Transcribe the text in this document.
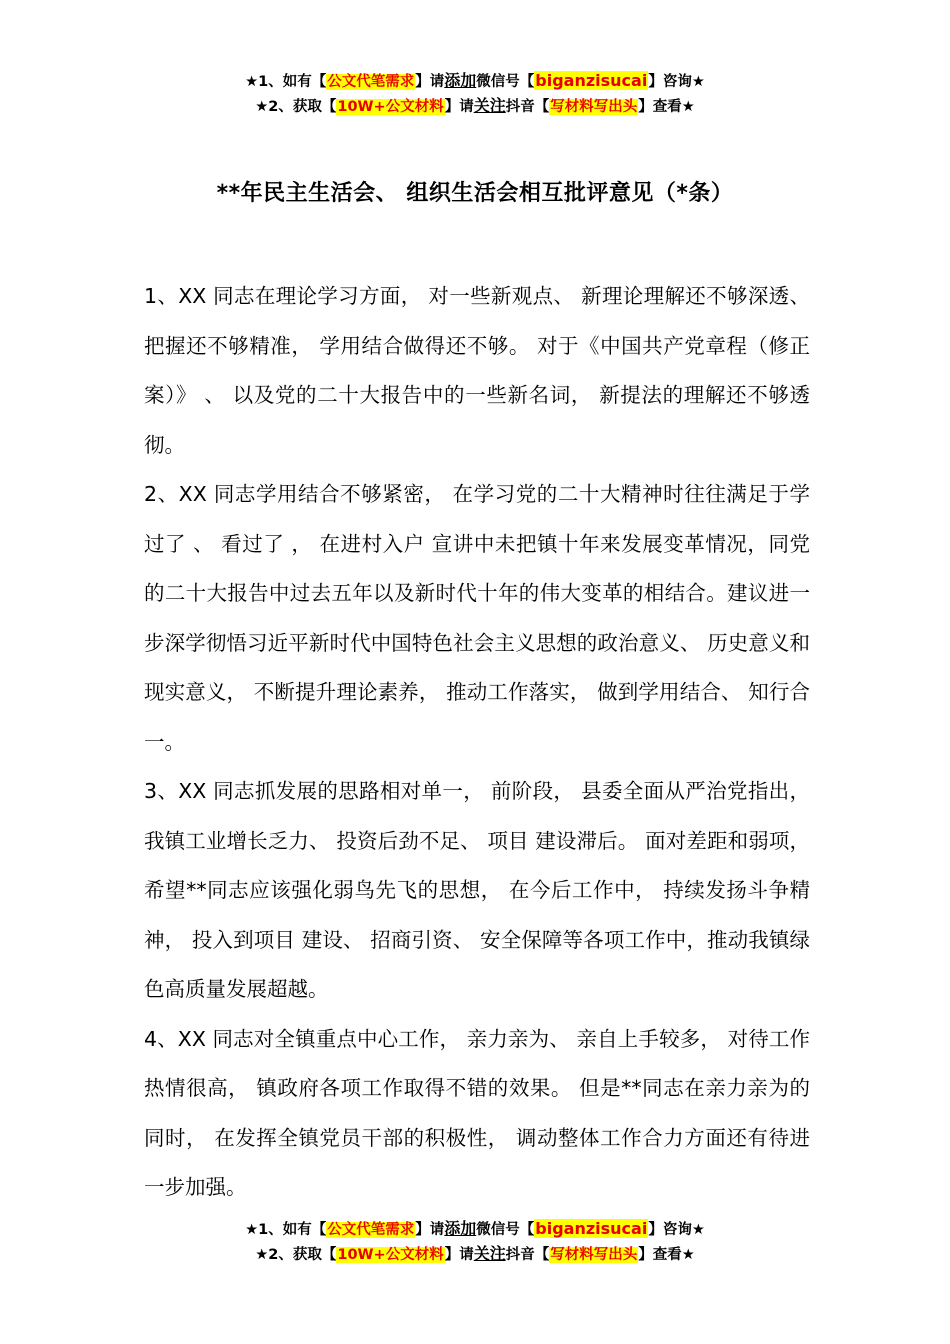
★1、如有【公文代笔需求】请添加微信号【biganzisucai】咨询★
★2、获取【10W+公文材料】请关注抖音【写材料写出头】查看★
**年民主生活会、 组织生活会相互批评意见（*条）

1、XX 同志在理论学习方面， 对一些新观点、 新理论理解还不够深透、 把握还不够精准， 学用结合做得还不够。 对于《中国共产党章程（修正案）》 、 以及党的二十大报告中的一些新名词， 新提法的理解还不够透彻。

2、XX 同志学用结合不够紧密， 在学习党的二十大精神时往往满足于学过了 、 看过了 ， 在进村入户 宣讲中未把镇十年来发展变革情况，同党的二十大报告中过去五年以及新时代十年的伟大变革的相结合。建议进一步深学彻悟习近平新时代中国特色社会主义思想的政治意义、 历史意义和现实意义， 不断提升理论素养， 推动工作落实， 做到学用结合、 知行合一。

3、XX 同志抓发展的思路相对单一， 前阶段， 县委全面从严治党指出， 我镇工业增长乏力、 投资后劲不足、 项目 建设滞后。 面对差距和弱项， 希望**同志应该强化弱鸟先飞的思想， 在今后工作中， 持续发扬斗争精神， 投入到项目 建设、 招商引资、 安全保障等各项工作中，推动我镇绿色高质量发展超越。

4、XX 同志对全镇重点中心工作， 亲力亲为、 亲自上手较多， 对待工作热情很高， 镇政府各项工作取得不错的效果。 但是**同志在亲力亲为的同时， 在发挥全镇党员干部的积极性， 调动整体工作合力方面还有待进一步加强。

★1、如有【公文代笔需求】请添加微信号【biganzisucai】咨询★
★2、获取【10W+公文材料】请关注抖音【写材料写出头】查看★
